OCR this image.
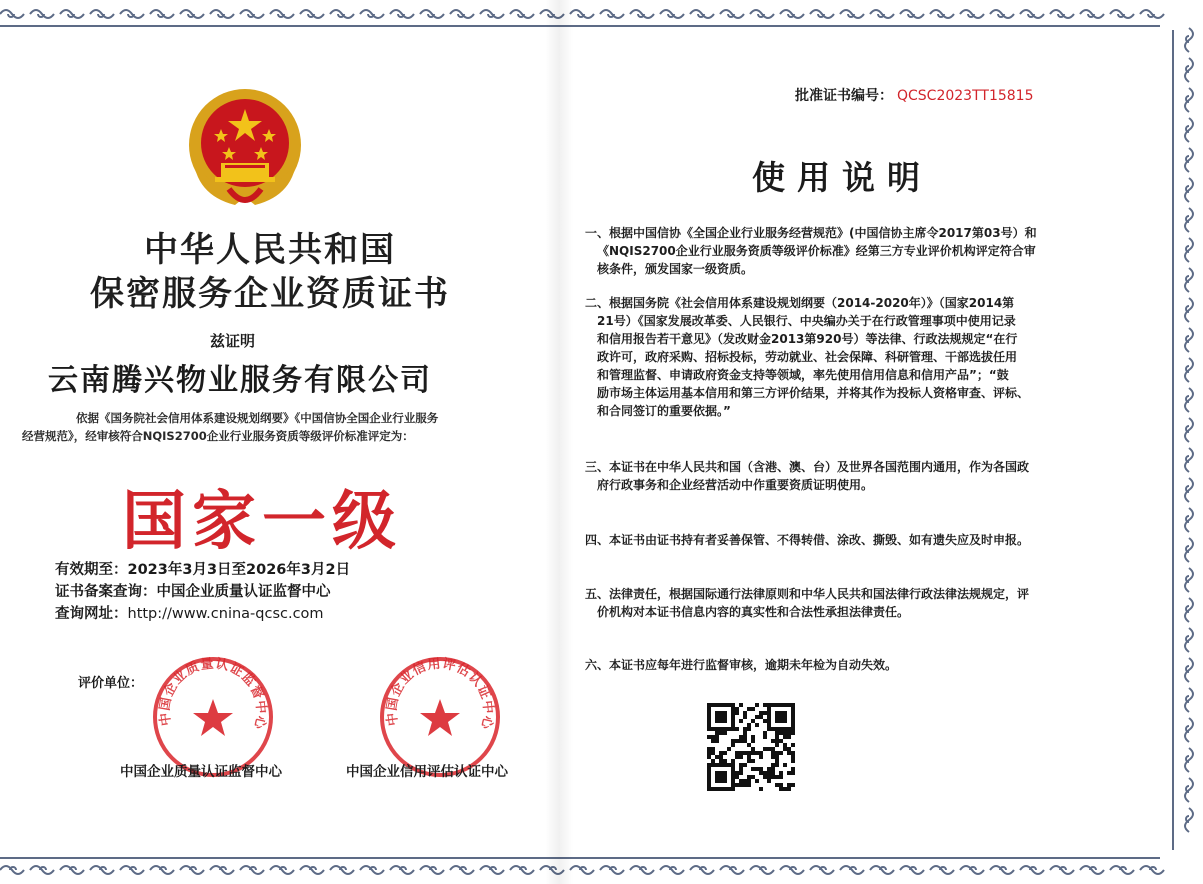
中华人民共和国
保密服务企业资质证书
兹证明
云南腾兴物业服务有限公司
依据《国务院社会信用体系建设规划纲要》《中国信协全国企业行业服务
经营规范》，经审核符合NQIS2700企业行业服务资质等级评价标准评定为：
国家一级
有效期至：2023年3月3日至2026年3月2日
证书备案查询：中国企业质量认证监督中心
查询网址：http://www.cnina-qcsc.com
评价单位：
中国企业质量认证监督中心	中国企业信用评估认证中心
中国企业质量认证监督中心	中国企业信用评估认证中心
批准证书编号： QCSC2023TT15815
使用说明
一、根据中国信协《全国企业行业服务经营规范》(中国信协主席令2017第03号）和
《NQIS2700企业行业服务资质等级评价标准》经第三方专业评价机构评定符合审
核条件，颁发国家一级资质。
二、根据国务院《社会信用体系建设规划纲要（2014-2020年）》（国家2014第
21号）《国家发展改革委、人民银行、中央编办关于在行政管理事项中使用记录
和信用报告若干意见》（发改财金2013第920号）等法律、行政法规规定“在行
政许可，政府采购、招标投标，劳动就业、社会保障、科研管理、干部选拔任用
和管理监督、申请政府资金支持等领域，率先使用信用信息和信用产品”；“鼓
励市场主体运用基本信用和第三方评价结果，并将其作为投标人资格审查、评标、
和合同签订的重要依据。”
三、本证书在中华人民共和国（含港、澳、台）及世界各国范围内通用，作为各国政
府行政事务和企业经营活动中作重要资质证明使用。
四、本证书由证书持有者妥善保管、不得转借、涂改、撕毁、如有遗失应及时申报。
五、法律责任，根据国际通行法律原则和中华人民共和国法律行政法律法规规定，评
价机构对本证书信息内容的真实性和合法性承担法律责任。
六、本证书应每年进行监督审核，逾期未年检为自动失效。
